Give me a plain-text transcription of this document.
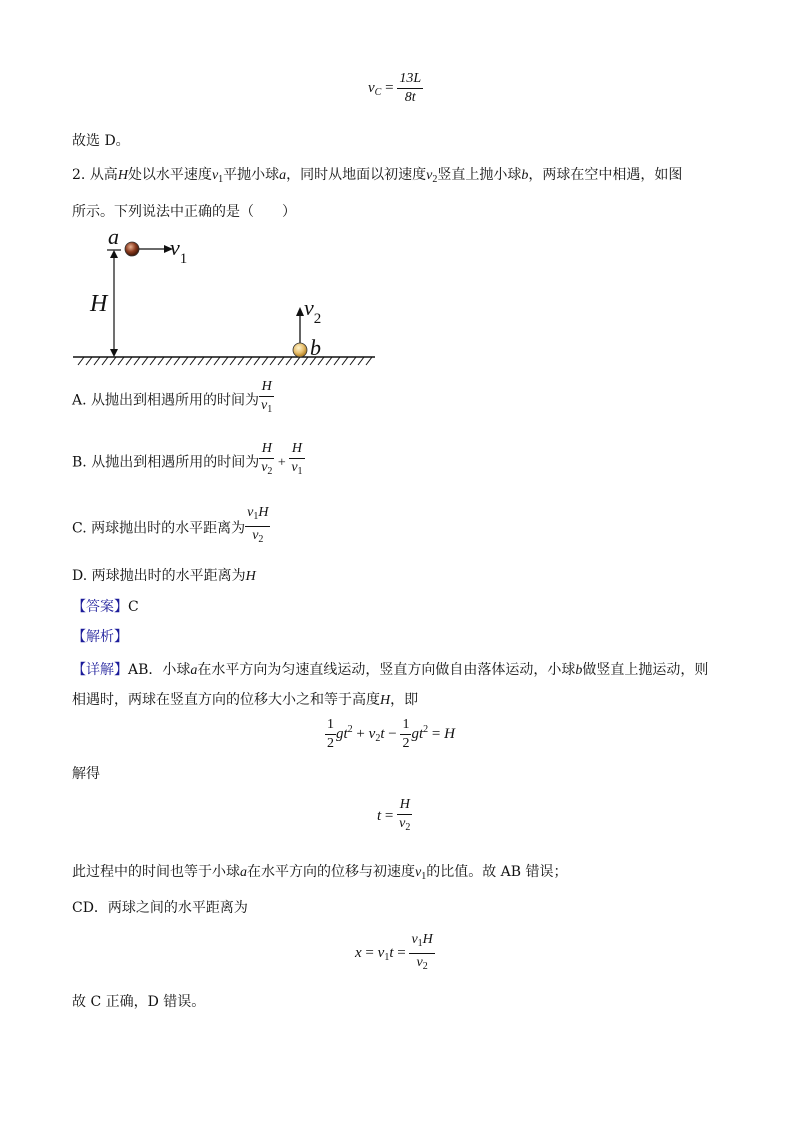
$v_C = \frac{13L}{8t}$
故选 D。
2. 从高H处以水平速度$v_1$平抛小球a，同时从地面以初速度$v_2$竖直上抛小球b，两球在空中相遇，如图
所示。下列说法中正确的是（　　）
H
a $v_1$
$v_2$
b
A. 从抛出到相遇所用的时间为 $\frac{H}{v_1}$
B. 从抛出到相遇所用的时间为 $\frac{H}{v_2} + \frac{H}{v_1}$
C. 两球抛出时的水平距离为 $\frac{v_1H}{v_2}$
D. 两球抛出时的水平距离为H
【答案】C
【解析】
【详解】AB．小球a在水平方向为匀速直线运动，竖直方向做自由落体运动，小球b做竖直上抛运动，则
相遇时，两球在竖直方向的位移大小之和等于高度H，即
$\frac{1}{2} gt^2 + v_2t - \frac{1}{2} gt^2 = H$
解得
$t = \frac{H}{v_2}$
此过程中的时间也等于小球a在水平方向的位移与初速度$v_1$的比值。故 AB 错误；
CD．两球之间的水平距离为
$x = v_1t = \frac{v_1H}{v_2}$
故 C 正确，D 错误。
